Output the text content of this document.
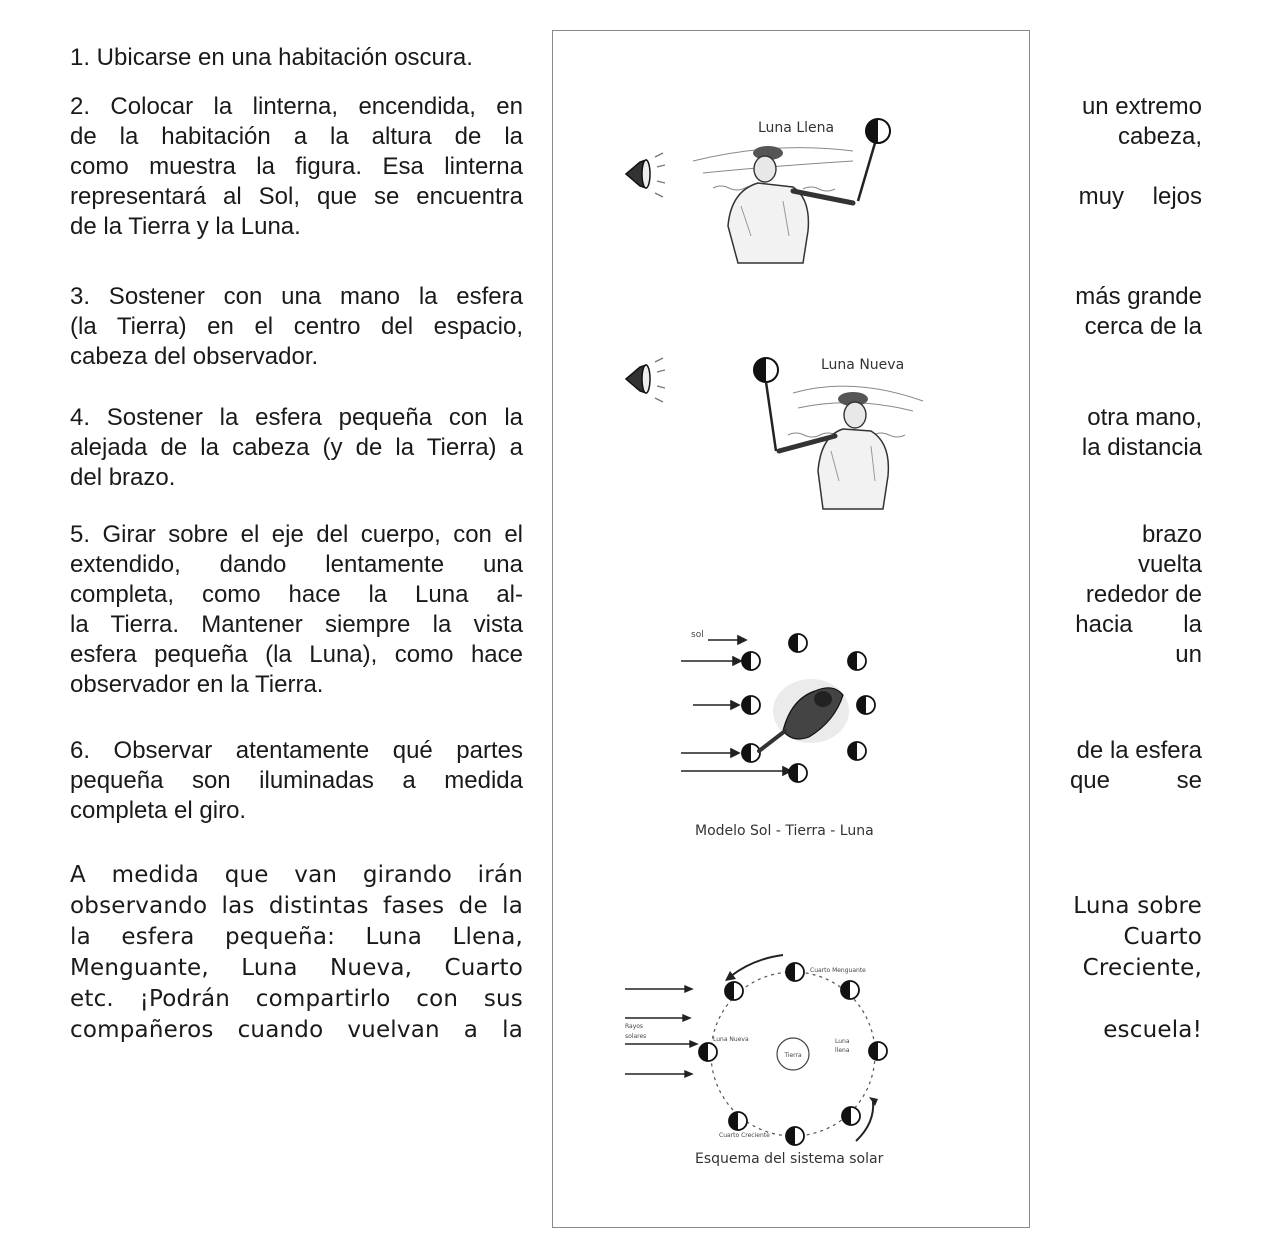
1. Ubicarse en una habitación oscura.
2. Colocar la linterna, encendida, en
de la habitación a la altura de la
como muestra la figura. Esa linterna
representará al Sol, que se encuentra
de la Tierra y la Luna.
un extremo
cabeza,
muy lejos
3. Sostener con una mano la esfera
(la Tierra) en el centro del espacio,
cabeza del observador.
más grande
cerca de la
4. Sostener la esfera pequeña con la
alejada de la cabeza (y de la Tierra) a
del brazo.
otra mano,
la distancia
5. Girar sobre el eje del cuerpo, con el
extendido, dando lentamente una
completa, como hace la Luna al-
la Tierra. Mantener siempre la vista
esfera pequeña (la Luna), como hace
observador en la Tierra.
brazo
vuelta
rededor de
hacia la
un
6. Observar atentamente qué partes
pequeña son iluminadas a medida
completa el giro.
de la esfera
que se
A medida que van girando irán
observando las distintas fases de la
la esfera pequeña: Luna Llena,
Menguante, Luna Nueva, Cuarto
etc. ¡Podrán compartirlo con sus
compañeros cuando vuelvan a la
Luna sobre
Cuarto
Creciente,
escuela!
Luna Llena
Luna Nueva
sol
Modelo Sol - Tierra - Luna
Tierra
Cuarto Menguante
Luna Nueva	Luna
llena
Rayos
solares
Cuarto Creciente
Esquema del sistema solar
